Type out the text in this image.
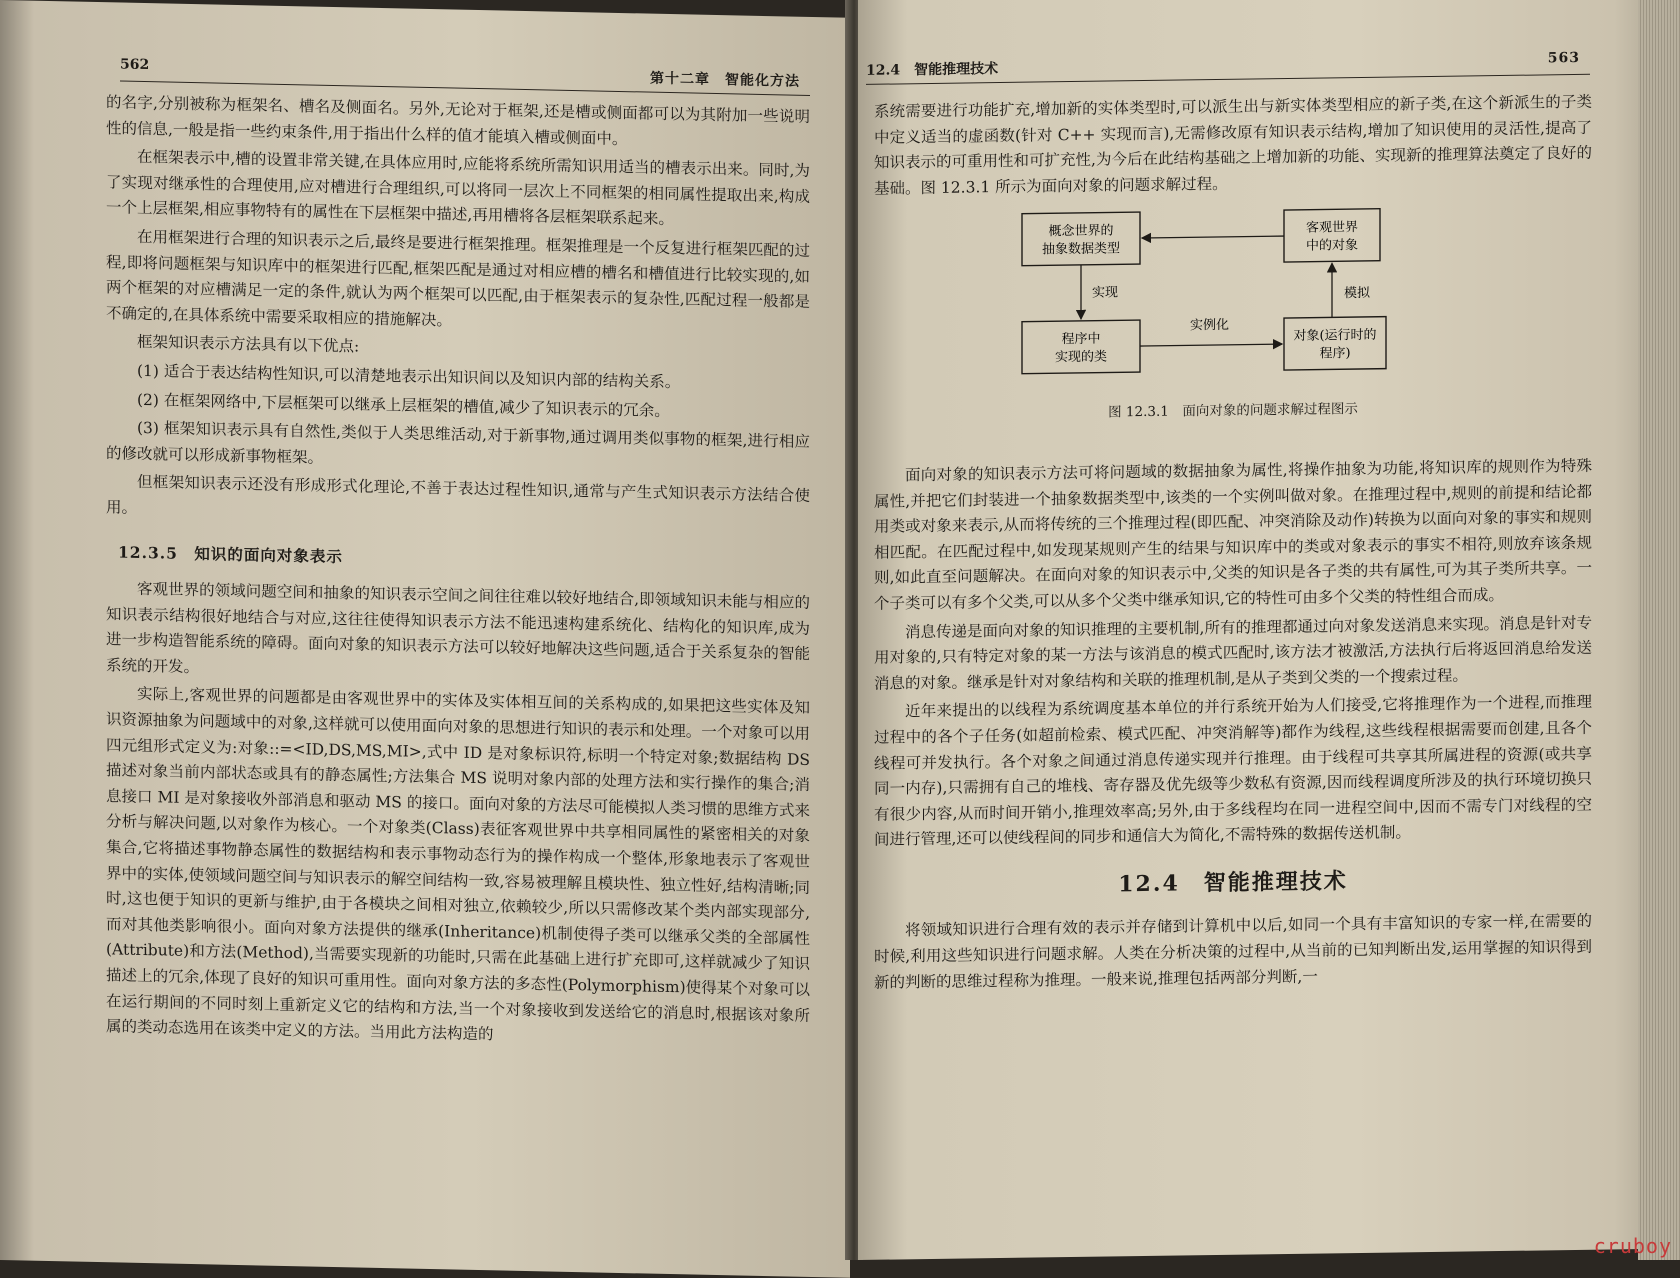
562
第十二章　智能化方法

的名字,分别被称为框架名、槽名及侧面名。另外,无论对于框架,还是槽或侧面都可以为其附加一些说明性的信息,一般是指一些约束条件,用于指出什么样的值才能填入槽或侧面中。

在框架表示中,槽的设置非常关键,在具体应用时,应能将系统所需知识用适当的槽表示出来。同时,为了实现对继承性的合理使用,应对槽进行合理组织,可以将同一层次上不同框架的相同属性提取出来,构成一个上层框架,相应事物特有的属性在下层框架中描述,再用槽将各层框架联系起来。

在用框架进行合理的知识表示之后,最终是要进行框架推理。框架推理是一个反复进行框架匹配的过程,即将问题框架与知识库中的框架进行匹配,框架匹配是通过对相应槽的槽名和槽值进行比较实现的,如两个框架的对应槽满足一定的条件,就认为两个框架可以匹配,由于框架表示的复杂性,匹配过程一般都是不确定的,在具体系统中需要采取相应的措施解决。

框架知识表示方法具有以下优点:

(1) 适合于表达结构性知识,可以清楚地表示出知识间以及知识内部的结构关系。

(2) 在框架网络中,下层框架可以继承上层框架的槽值,减少了知识表示的冗余。

(3) 框架知识表示具有自然性,类似于人类思维活动,对于新事物,通过调用类似事物的框架,进行相应的修改就可以形成新事物框架。

但框架知识表示还没有形成形式化理论,不善于表达过程性知识,通常与产生式知识表示方法结合使用。

12.3.5　知识的面向对象表示

客观世界的领域问题空间和抽象的知识表示空间之间往往难以较好地结合,即领域知识未能与相应的知识表示结构很好地结合与对应,这往往使得知识表示方法不能迅速构建系统化、结构化的知识库,成为进一步构造智能系统的障碍。面向对象的知识表示方法可以较好地解决这些问题,适合于关系复杂的智能系统的开发。

实际上,客观世界的问题都是由客观世界中的实体及实体相互间的关系构成的,如果把这些实体及知识资源抽象为问题域中的对象,这样就可以使用面向对象的思想进行知识的表示和处理。一个对象可以用四元组形式定义为:对象::=<ID,DS,MS,MI>,式中 ID 是对象标识符,标明一个特定对象;数据结构 DS 描述对象当前内部状态或具有的静态属性;方法集合 MS 说明对象内部的处理方法和实行操作的集合;消息接口 MI 是对象接收外部消息和驱动 MS 的接口。面向对象的方法尽可能模拟人类习惯的思维方式来分析与解决问题,以对象作为核心。一个对象类(Class)表征客观世界中共享相同属性的紧密相关的对象集合,它将描述事物静态属性的数据结构和表示事物动态行为的操作构成一个整体,形象地表示了客观世界中的实体,使领域问题空间与知识表示的解空间结构一致,容易被理解且模块性、独立性好,结构清晰;同时,这也便于知识的更新与维护,由于各模块之间相对独立,依赖较少,所以只需修改某个类内部实现部分,而对其他类影响很小。面向对象方法提供的继承(Inheritance)机制使得子类可以继承父类的全部属性(Attribute)和方法(Method),当需要实现新的功能时,只需在此基础上进行扩充即可,这样就减少了知识描述上的冗余,体现了良好的知识可重用性。面向对象方法的多态性(Polymorphism)使得某个对象可以在运行期间的不同时刻上重新定义它的结构和方法,当一个对象接收到发送给它的消息时,根据该对象所属的类动态选用在该类中定义的方法。当用此方法构造的

12.4　智能推理技术
563

系统需要进行功能扩充,增加新的实体类型时,可以派生出与新实体类型相应的新子类,在这个新派生的子类中定义适当的虚函数(针对 C++ 实现而言),无需修改原有知识表示结构,增加了知识使用的灵活性,提高了知识表示的可重用性和可扩充性,为今后在此结构基础之上增加新的功能、实现新的推理算法奠定了良好的基础。图 12.3.1 所示为面向对象的问题求解过程。

概念世界的
抽象数据类型
客观世界
中的对象
程序中
实现的类
对象(运行时的
程序)
实现
实例化
模拟
图 12.3.1　面向对象的问题求解过程图示

面向对象的知识表示方法可将问题域的数据抽象为属性,将操作抽象为功能,将知识库的规则作为特殊属性,并把它们封装进一个抽象数据类型中,该类的一个实例叫做对象。在推理过程中,规则的前提和结论都用类或对象来表示,从而将传统的三个推理过程(即匹配、冲突消除及动作)转换为以面向对象的事实和规则相匹配。在匹配过程中,如发现某规则产生的结果与知识库中的类或对象表示的事实不相符,则放弃该条规则,如此直至问题解决。在面向对象的知识表示中,父类的知识是各子类的共有属性,可为其子类所共享。一个子类可以有多个父类,可以从多个父类中继承知识,它的特性可由多个父类的特性组合而成。

消息传递是面向对象的知识推理的主要机制,所有的推理都通过向对象发送消息来实现。消息是针对专用对象的,只有特定对象的某一方法与该消息的模式匹配时,该方法才被激活,方法执行后将返回消息给发送消息的对象。继承是针对对象结构和关联的推理机制,是从子类到父类的一个搜索过程。

近年来提出的以线程为系统调度基本单位的并行系统开始为人们接受,它将推理作为一个进程,而推理过程中的各个子任务(如超前检索、模式匹配、冲突消解等)都作为线程,这些线程根据需要而创建,且各个线程可并发执行。各个对象之间通过消息传递实现并行推理。由于线程可共享其所属进程的资源(或共享同一内存),只需拥有自己的堆栈、寄存器及优先级等少数私有资源,因而线程调度所涉及的执行环境切换只有很少内容,从而时间开销小,推理效率高;另外,由于多线程均在同一进程空间中,因而不需专门对线程的空间进行管理,还可以使线程间的同步和通信大为简化,不需特殊的数据传送机制。

12.4　智能推理技术

将领域知识进行合理有效的表示并存储到计算机中以后,如同一个具有丰富知识的专家一样,在需要的时候,利用这些知识进行问题求解。人类在分析决策的过程中,从当前的已知判断出发,运用掌握的知识得到新的判断的思维过程称为推理。一般来说,推理包括两部分判断,一

cruboy
